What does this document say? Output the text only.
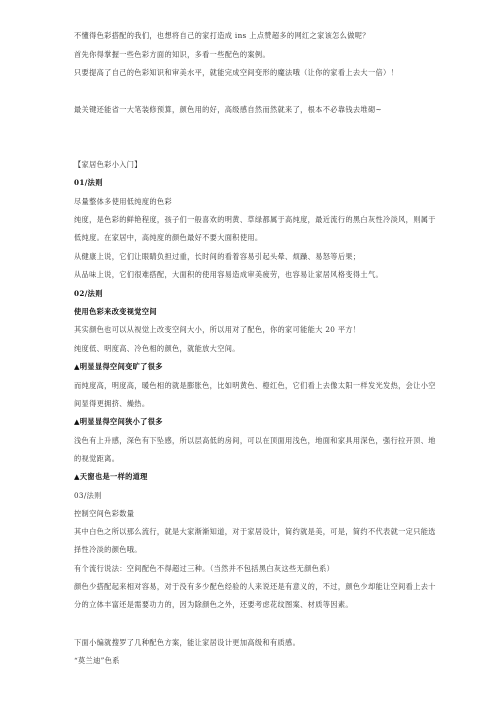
不懂得色彩搭配的我们，也想将自己的家打造成 ins 上点赞超多的网红之家该怎么做呢？
首先你得掌握一些色彩方面的知识，多看一些配色的案例。
只要提高了自己的色彩知识和审美水平，就能完成空间变形的魔法哦（让你的家看上去大一倍）！
最关键还能省一大笔装修预算，颜色用的好，高级感自然而然就来了，根本不必靠钱去堆砌~
【家居色彩小入门】
01/法则
尽量整体多使用低纯度的色彩
纯度，是色彩的鲜艳程度，孩子们一般喜欢的明黄、草绿都属于高纯度，最近流行的黑白灰性冷淡风，则属于低纯度。在家居中，高纯度的颜色最好不要大面积使用。
从健康上说，它们让眼睛负担过重，长时间的看着容易引起头晕、烦躁、易怒等后果；
从品味上说，它们很难搭配，大面积的使用容易造成审美疲劳，也容易让家居风格变得土气。
02/法则
使用色彩来改变视觉空间
其实颜色也可以从视觉上改变空间大小，所以用对了配色，你的家可能能大 20 平方！
纯度低、明度高、冷色相的颜色，就能放大空间。
▲明显显得空间变旷了很多
而纯度高，明度高，暖色相的就是膨胀色，比如明黄色、橙红色，它们看上去像太阳一样发光发热，会让小空间显得更拥挤、燥热。
▲明显显得空间狭小了很多
浅色有上升感，深色有下坠感，所以层高低的房间，可以在顶面用浅色，地面和家具用深色，强行拉开顶、地的视觉距离。
▲天窗也是一样的道理
03/法则
控制空间色彩数量
其中白色之所以那么流行，就是大家渐渐知道，对于家居设计，简约就是美，可是，简约不代表就一定只能选择性冷淡的颜色哦。
有个流行说法：空间配色不得超过三种。（当然并不包括黑白灰这些无颜色系）
颜色少搭配起来相对容易，对于没有多少配色经验的人来说还是有意义的，不过，颜色少却能让空间看上去十分的立体丰富还是需要功力的，因为除颜色之外，还要考虑花纹图案、材质等因素。
下面小编就搜罗了几种配色方案，能让家居设计更加高级和有质感。
“莫兰迪”色系
